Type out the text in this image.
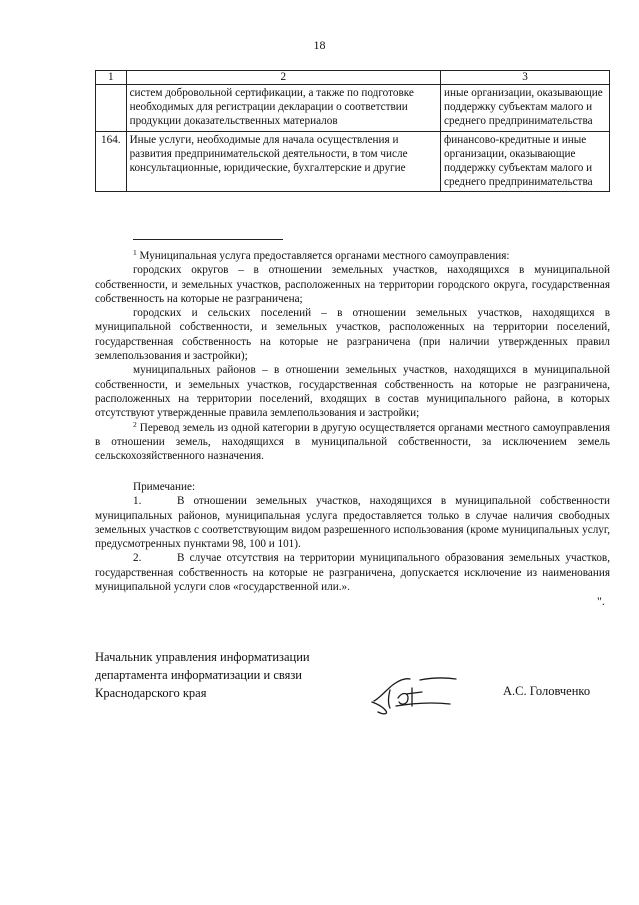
18
1	2	3
	систем добровольной сертификации, а также по подготовке необходимых для регистрации декларации о соответствии продукции доказательственных материалов	иные организации, оказывающие поддержку субъектам малого и среднего предпринимательства
164.	Иные услуги, необходимые для начала осуществления и развития предпринимательской деятельности, в том числе консультационные, юридические, бухгалтерские и другие	финансово-кредитные и иные организации, оказывающие поддержку субъектам малого и среднего предпринимательства

$^1$ Муниципальная услуга предоставляется органами местного самоуправления:

городских округов – в отношении земельных участков, находящихся в муниципальной собственности, и земельных участков, расположенных на территории городского округа, государственная собственность на которые не разграничена;

городских и сельских поселений – в отношении земельных участков, находящихся в муниципальной собственности, и земельных участков, расположенных на территории поселений, государственная собственность на которые не разграничена (при наличии утвержденных правил землепользования и застройки);

муниципальных районов – в отношении земельных участков, находящихся в муниципальной собственности, и земельных участков, государственная собственность на которые не разграничена, расположенных на территории поселений, входящих в состав муниципального района, в которых отсутствуют утвержденные правила землепользования и застройки;

$^2$ Перевод земель из одной категории в другую осуществляется органами местного самоуправления в отношении земель, находящихся в муниципальной собственности, за исключением земель сельскохозяйственного назначения.

Примечание:

1.	В отношении земельных участков, находящихся в муниципальной собственности муниципальных районов, муниципальная услуга предоставляется только в случае наличия свободных земельных участков с соответствующим видом разрешенного использования (кроме муниципальных услуг, предусмотренных пунктами 98, 100 и 101).

2.	В случае отсутствия на территории муниципального образования земельных участков, государственная собственность на которые не разграничена, допускается исключение из наименования муниципальной услуги слов «государственной или.».

".
Начальник управления информатизации
департамента информатизации и связи
Краснодарского края	А.С. Головченко
